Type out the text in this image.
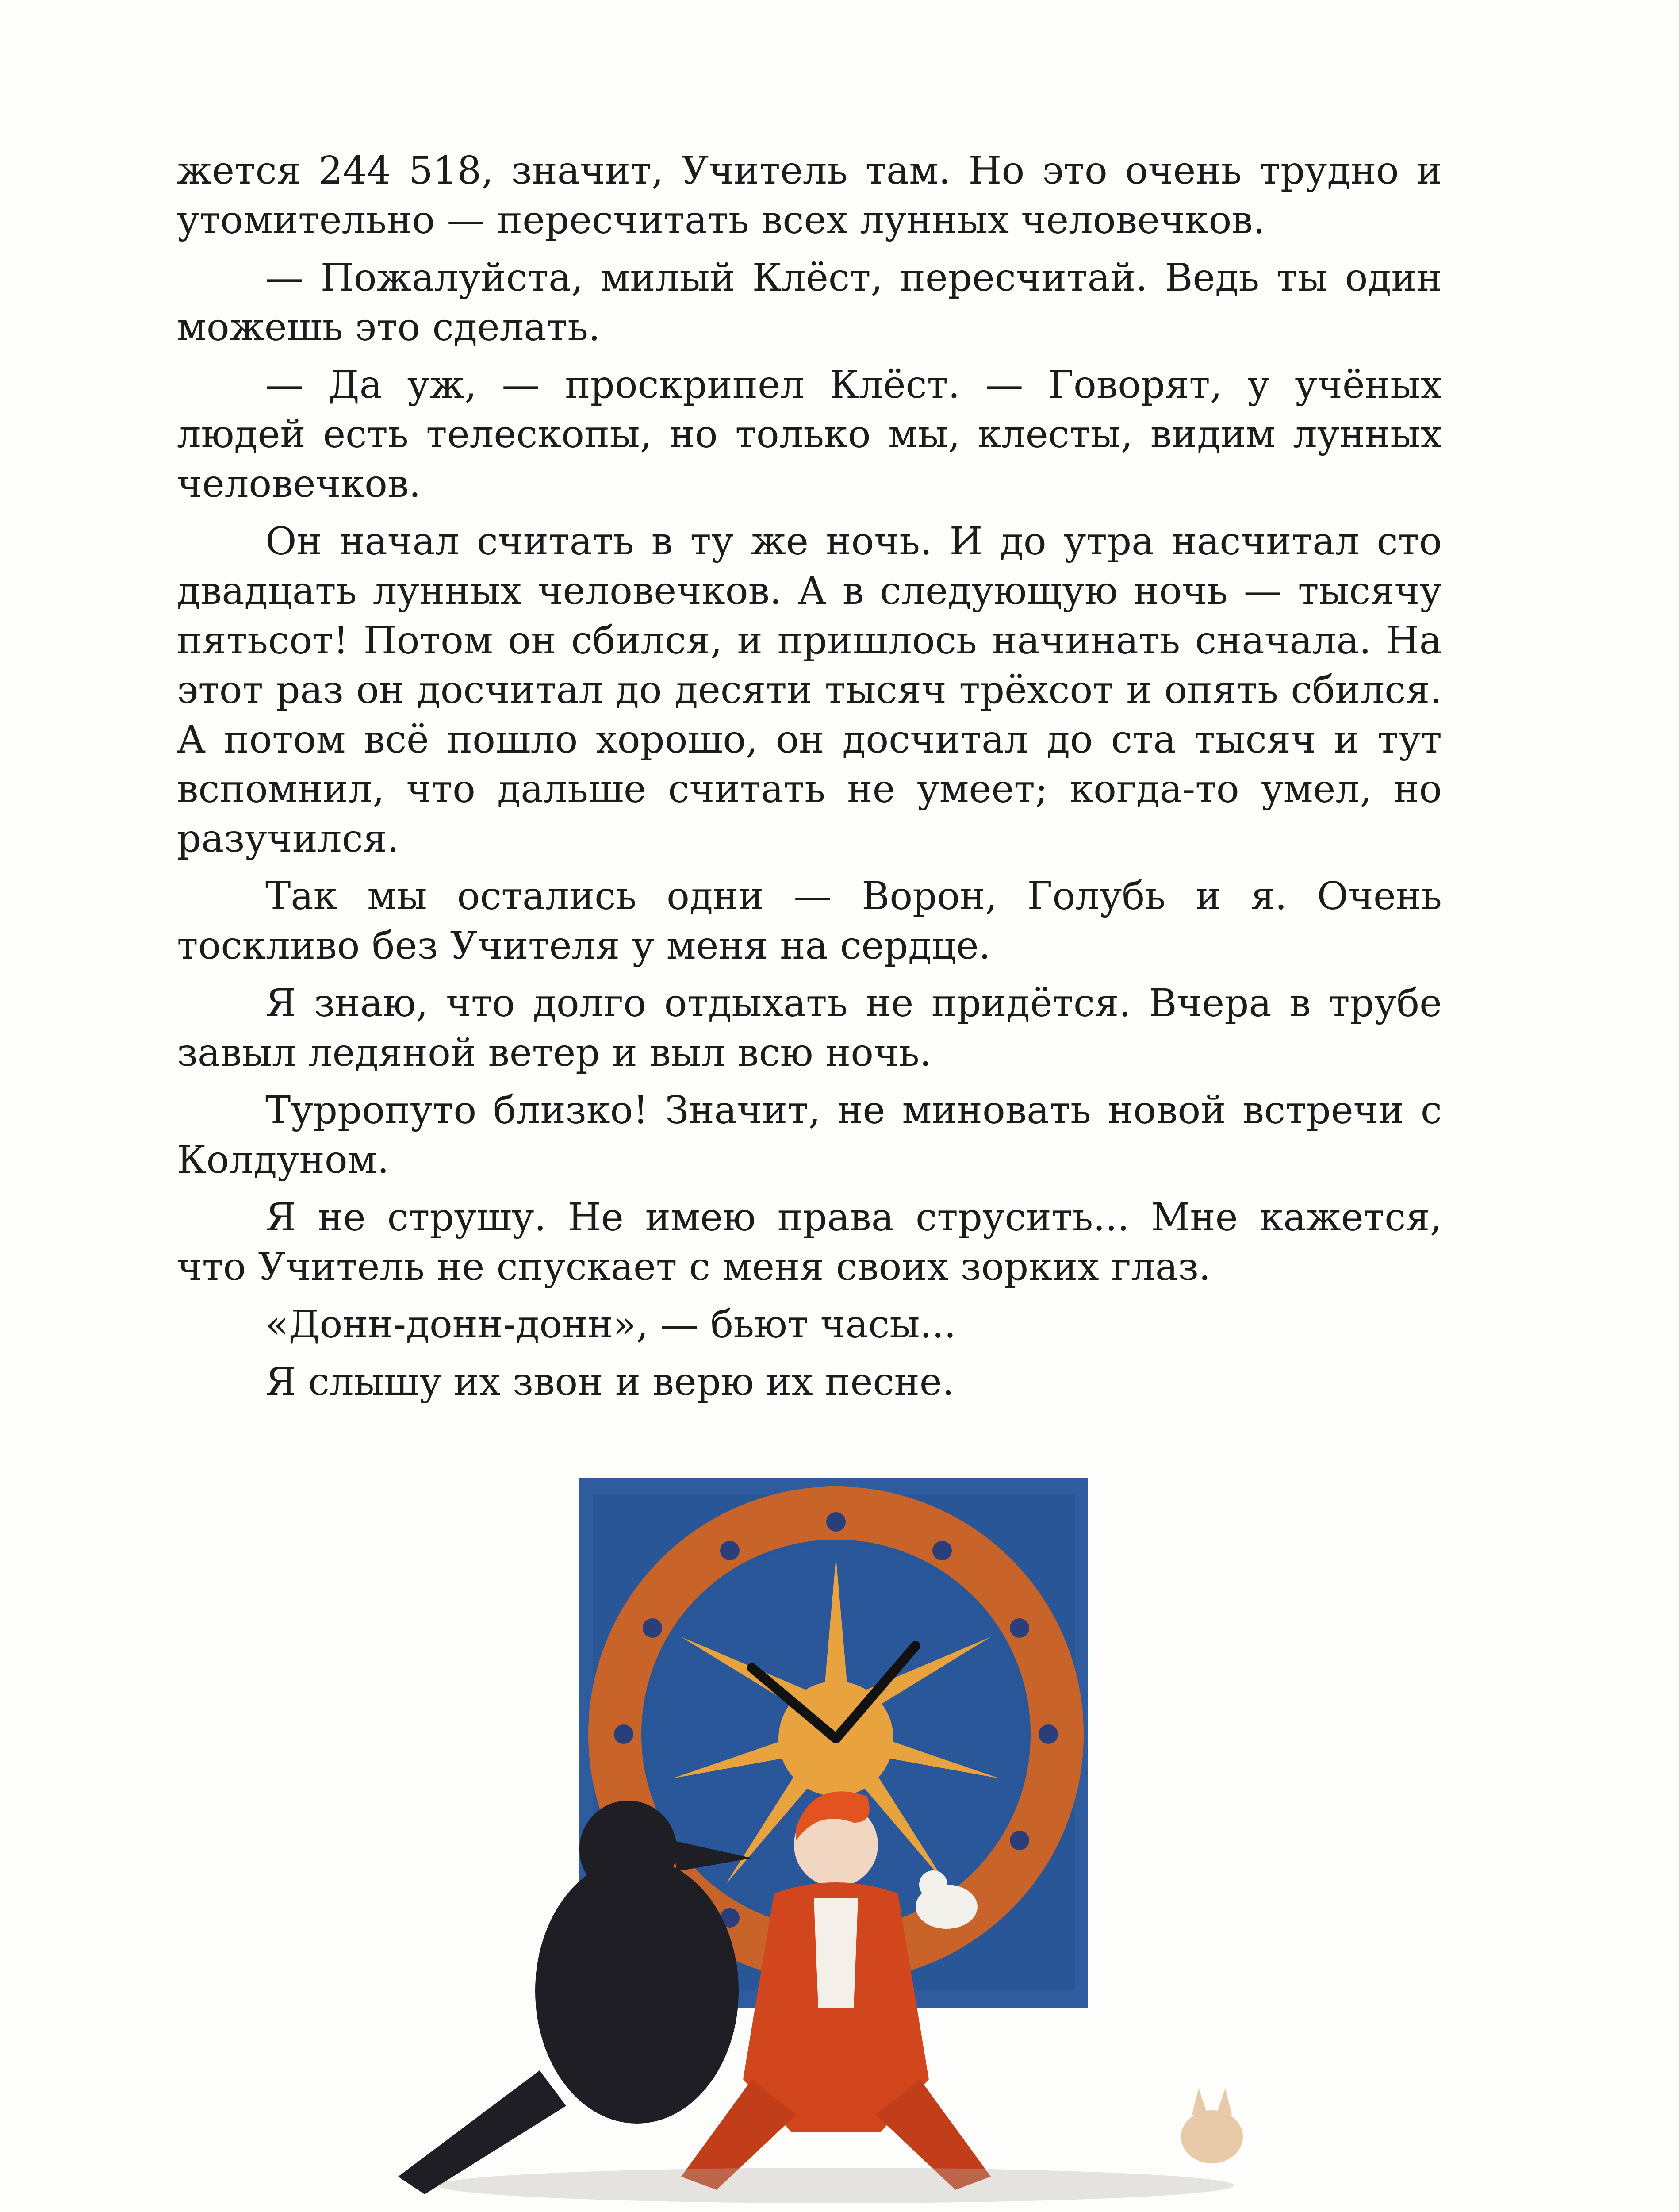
жется 244 518, значит, Учитель там. Но это очень трудно и утомительно — пересчитать всех лунных человечков.

— Пожалуйста, милый Клёст, пересчитай. Ведь ты один можешь это сделать.

— Да уж, — проскрипел Клёст. — Говорят, у учёных людей есть телескопы, но только мы, клесты, видим лунных человечков.

Он начал считать в ту же ночь. И до утра насчитал сто двадцать лунных человечков. А в следующую ночь — тысячу пятьсот! Потом он сбился, и пришлось начинать сначала. На этот раз он досчитал до десяти тысяч трёхсот и опять сбился. А потом всё пошло хорошо, он досчитал до ста тысяч и тут вспомнил, что дальше считать не умеет; когда-то умел, но разучился.

Так мы остались одни — Ворон, Голубь и я. Очень тоскливо без Учителя у меня на сердце.

Я знаю, что долго отдыхать не придётся. Вчера в трубе завыл ледяной ветер и выл всю ночь.

Турропуто близко! Значит, не миновать новой встречи с Колдуном.

Я не струшу. Не имею права струсить... Мне кажется, что Учитель не спускает с меня своих зорких глаз.

«Донн-донн-донн», — бьют часы...

Я слышу их звон и верю их песне.
